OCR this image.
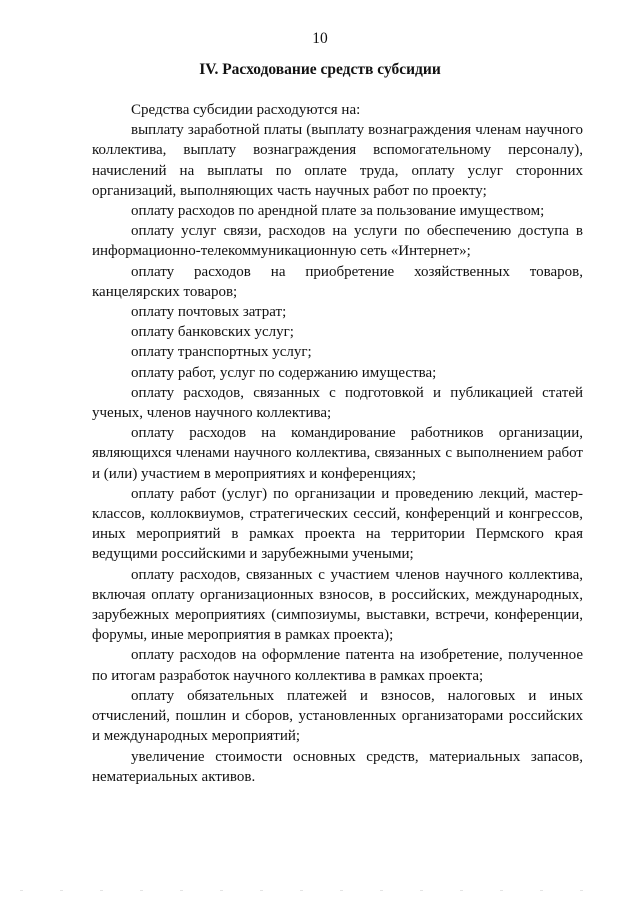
10
IV. Расходование средств субсидии

Средства субсидии расходуются на:

выплату заработной платы (выплату вознаграждения членам научного коллектива, выплату вознаграждения вспомогательному персоналу), начислений на выплаты по оплате труда, оплату услуг сторонних организаций, выполняющих часть научных работ по проекту;

оплату расходов по арендной плате за пользование имуществом;

оплату услуг связи, расходов на услуги по обеспечению доступа в информационно-телекоммуникационную сеть «Интернет»;

оплату расходов на приобретение хозяйственных товаров, канцелярских товаров;

оплату почтовых затрат;

оплату банковских услуг;

оплату транспортных услуг;

оплату работ, услуг по содержанию имущества;

оплату расходов, связанных с подготовкой и публикацией статей ученых, членов научного коллектива;

оплату расходов на командирование работников организации, являющихся членами научного коллектива, связанных с выполнением работ и (или) участием в мероприятиях и конференциях;

оплату работ (услуг) по организации и проведению лекций, мастер-классов, коллоквиумов, стратегических сессий, конференций и конгрессов, иных мероприятий в рамках проекта на территории Пермского края ведущими российскими и зарубежными учеными;

оплату расходов, связанных с участием членов научного коллектива, включая оплату организационных взносов, в российских, международных, зарубежных мероприятиях (симпозиумы, выставки, встречи, конференции, форумы, иные мероприятия в рамках проекта);

оплату расходов на оформление патента на изобретение, полученное по итогам разработок научного коллектива в рамках проекта;

оплату обязательных платежей и взносов, налоговых и иных отчислений, пошлин и сборов, установленных организаторами российских и международных мероприятий;

увеличение стоимости основных средств, материальных запасов, нематериальных активов.
